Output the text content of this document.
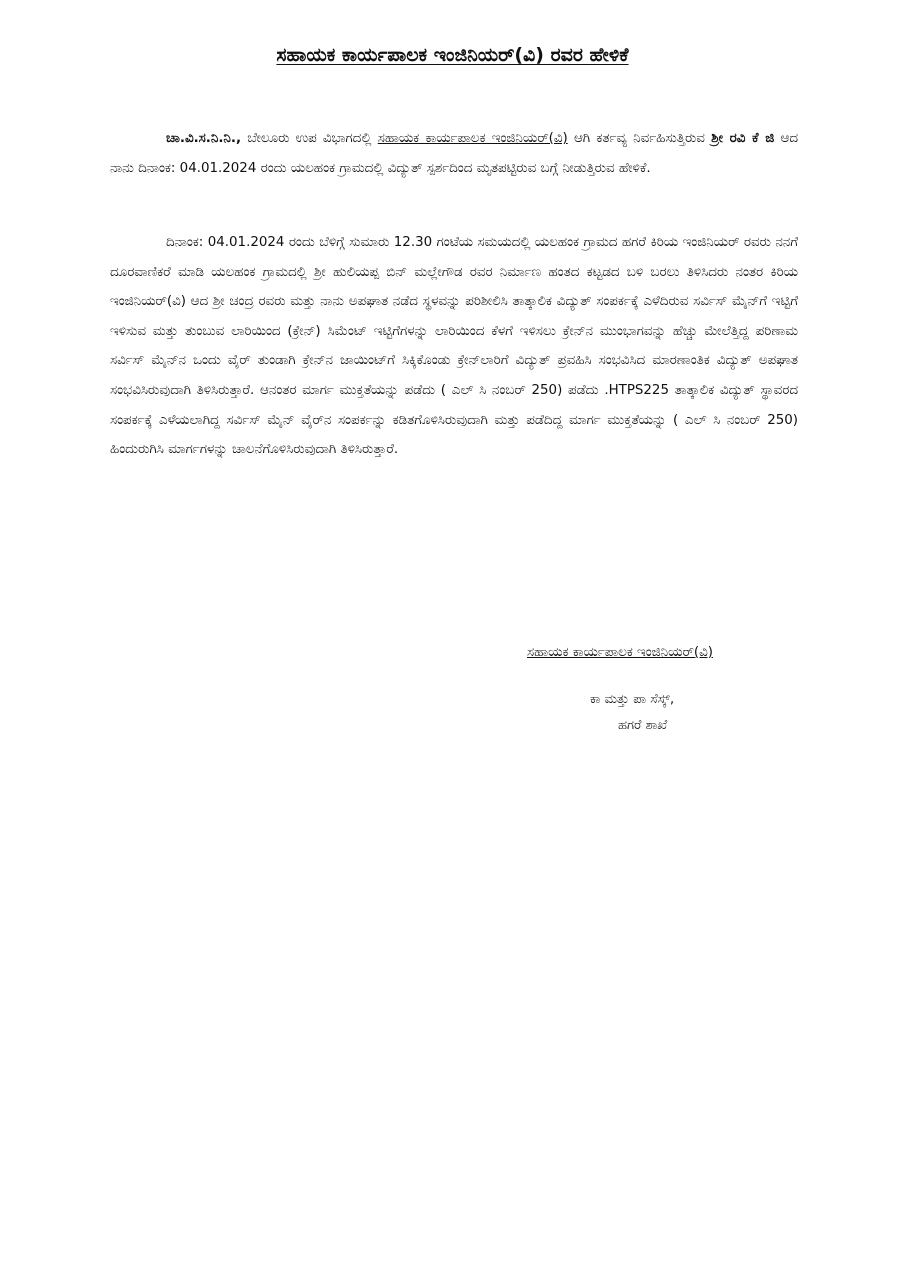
ಸಹಾಯಕ ಕಾರ್ಯಪಾಲಕ ಇಂಜಿನಿಯರ್(ವಿ) ರವರ ಹೇಳಿಕೆ

ಚಾ.ವಿ.ಸ.ನಿ.ನಿ., ಬೇಲೂರು ಉಪ ವಿಭಾಗದಲ್ಲಿ ಸಹಾಯಕ ಕಾರ್ಯಪಾಲಕ ಇಂಜಿನಿಯರ್(ವಿ) ಆಗಿ ಕರ್ತವ್ಯ ನಿರ್ವಹಿಸುತ್ತಿರುವ ಶ್ರೀ ರವಿ ಕೆ ಜಿ ಆದ ನಾನು ದಿನಾಂಕ: 04.01.2024 ರಂದು ಯಲಹಂಕ ಗ್ರಾಮದಲ್ಲಿ ವಿದ್ಯುತ್ ಸ್ಪರ್ಶದಿಂದ ಮೃತಪಟ್ಟಿರುವ ಬಗ್ಗೆ ನೀಡುತ್ತಿರುವ ಹೇಳಿಕೆ.

ದಿನಾಂಕ: 04.01.2024 ರಂದು ಬೆಳಿಗ್ಗೆ ಸುಮಾರು 12.30 ಗಂಟೆಯ ಸಮಯದಲ್ಲಿ ಯಲಹಂಕ ಗ್ರಾಮದ ಹಗರೆ ಕಿರಿಯ ಇಂಜಿನಿಯರ್ ರವರು ನನಗೆ ದೂರವಾಣಿಕರೆ ಮಾಡಿ ಯಲಹಂಕ ಗ್ರಾಮದಲ್ಲಿ ಶ್ರೀ ಹುಲಿಯಪ್ಪ ಬಿನ್ ಮಲ್ಲೇಗೌಡ ರವರ ನಿರ್ಮಾಣ ಹಂತದ ಕಟ್ಟಡದ ಬಳಿ ಬರಲು ತಿಳಿಸಿದರು ನಂತರ ಕಿರಿಯ ಇಂಜಿನಿಯರ್(ವಿ) ಆದ ಶ್ರೀ ಚಂದ್ರ ರವರು ಮತ್ತು ನಾನು ಅಪಘಾತ ನಡೆದ ಸ್ಥಳವನ್ನು ಪರಿಶೀಲಿಸಿ ತಾತ್ಕಾಲಿಕ ವಿದ್ಯುತ್ ಸಂಪರ್ಕಕ್ಕೆ ಎಳೆದಿರುವ ಸರ್ವಿಸ್ ಮೈನ್‌ಗೆ ಇಟ್ಟಿಗೆ ಇಳಿಸುವ ಮತ್ತು ತುಂಬುವ ಲಾರಿಯಿಂದ (ಕ್ರೇನ್) ಸಿಮೆಂಟ್ ಇಟ್ಟಿಗೆಗಳನ್ನು ಲಾರಿಯಿಂದ ಕೆಳಗೆ ಇಳಿಸಲು ಕ್ರೇನ್‌ನ ಮುಂಭಾಗವನ್ನು ಹೆಚ್ಚು ಮೇಲೆತ್ತಿದ್ದ ಪರಿಣಾಮ ಸರ್ವಿಸ್ ಮೈನ್‌ನ ಒಂದು ವೈರ್ ತುಂಡಾಗಿ ಕ್ರೇನ್‌ನ ಜಾಯಿಂಟ್‌ಗೆ ಸಿಕ್ಕಿಕೊಂಡು ಕ್ರೇನ್‌ಲಾರಿಗೆ ವಿದ್ಯುತ್ ಪ್ರವಹಿಸಿ ಸಂಭವಿಸಿದ ಮಾರಣಾಂತಿಕ ವಿದ್ಯುತ್ ಅಪಘಾತ ಸಂಭವಿಸಿರುವುದಾಗಿ ತಿಳಿಸಿರುತ್ತಾರೆ. ಆನಂತರ ಮಾರ್ಗ ಮುಕ್ತತೆಯನ್ನು ಪಡೆದು ( ಎಲ್ ಸಿ ನಂಬರ್ 250) ಪಡೆದು .HTPS225 ತಾತ್ಕಾಲಿಕ ವಿದ್ಯುತ್ ಸ್ಥಾವರದ ಸಂಪರ್ಕಕ್ಕೆ ಎಳೆಯಲಾಗಿದ್ದ ಸರ್ವಿಸ್ ಮೈನ್ ವೈರ್‌ನ ಸಂಪರ್ಕನ್ನು ಕಡಿತಗೊಳಿಸಿರುವುದಾಗಿ ಮತ್ತು ಪಡೆದಿದ್ದ ಮಾರ್ಗ ಮುಕ್ತತೆಯನ್ನು ( ಎಲ್ ಸಿ ನಂಬರ್ 250) ಹಿಂದುರುಗಿಸಿ ಮಾರ್ಗಗಳನ್ನು ಚಾಲನೆಗೊಳಿಸಿರುವುದಾಗಿ ತಿಳಿಸಿರುತ್ತಾರೆ.

ಸಹಾಯಕ ಕಾರ್ಯಪಾಲಕ ಇಂಜಿನಿಯರ್(ವಿ)
ಕಾ ಮತ್ತು ಪಾ ಸೆಸ್ಕ್,
ಹಗರೆ ಶಾಖೆ
